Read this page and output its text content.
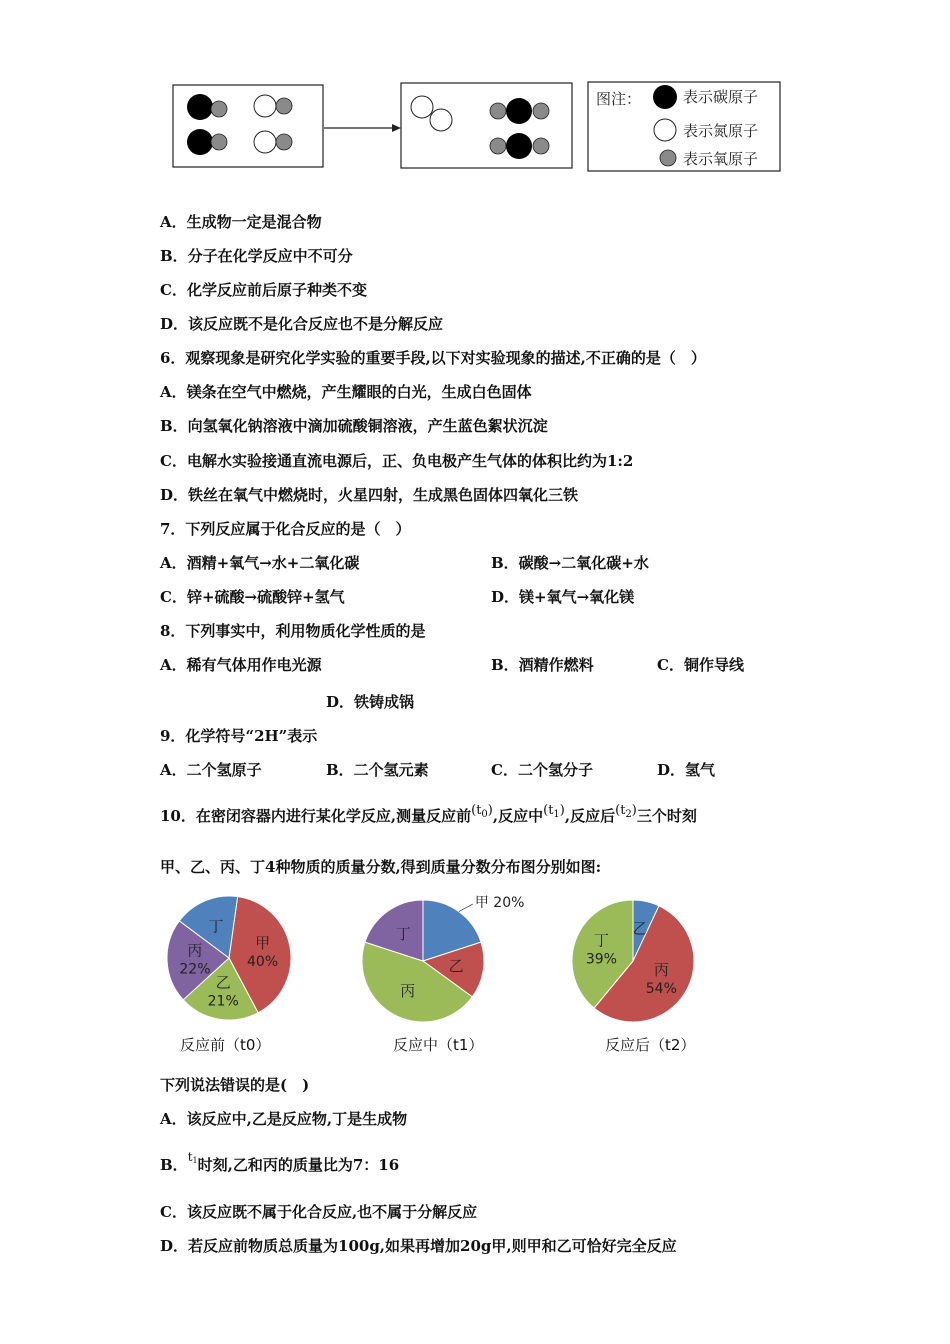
图注：	表示碳原子
表示氮原子
表示氧原子
A．生成物一定是混合物
B．分子在化学反应中不可分
C．化学反应前后原子种类不变
D．该反应既不是化合反应也不是分解反应
6．观察现象是研究化学实验的重要手段,以下对实验现象的描述,不正确的是（　）
A．镁条在空气中燃烧，产生耀眼的白光，生成白色固体
B．向氢氧化钠溶液中滴加硫酸铜溶液，产生蓝色絮状沉淀
C．电解水实验接通直流电源后，正、负电极产生气体的体积比约为1:2
D．铁丝在氧气中燃烧时，火星四射，生成黑色固体四氧化三铁
7．下列反应属于化合反应的是（　）
A．酒精+氧气→水+二氧化碳	B．碳酸→二氧化碳+水
C．锌+硫酸→硫酸锌+氢气	D．镁+氧气→氧化镁
8．下列事实中，利用物质化学性质的是
A．稀有气体用作电光源	B．酒精作燃料	C．铜作导线
D．铁铸成锅
9．化学符号“2H”表示
A．二个氢原子	B．二个氢元素	C．二个氢分子	D．氢气
10．在密闭容器内进行某化学反应,测量反应前$(t_0)$,反应中$(t_1)$,反应后$(t_2)$三个时刻
甲、乙、丙、丁4种物质的质量分数,得到质量分数分布图分别如图:
甲
40%
乙
21%
丙
22%
丁
甲 20%
乙
丙
丁	乙
丙
54%
丁
39%
反应前（t0）	反应中（t1）	反应后（t2）
下列说法错误的是(　)
A．该反应中,乙是反应物,丁是生成物
B．$^{t1}$时刻,乙和丙的质量比为7：16
C．该反应既不属于化合反应,也不属于分解反应
D．若反应前物质总质量为100g,如果再增加20g甲,则甲和乙可恰好完全反应
